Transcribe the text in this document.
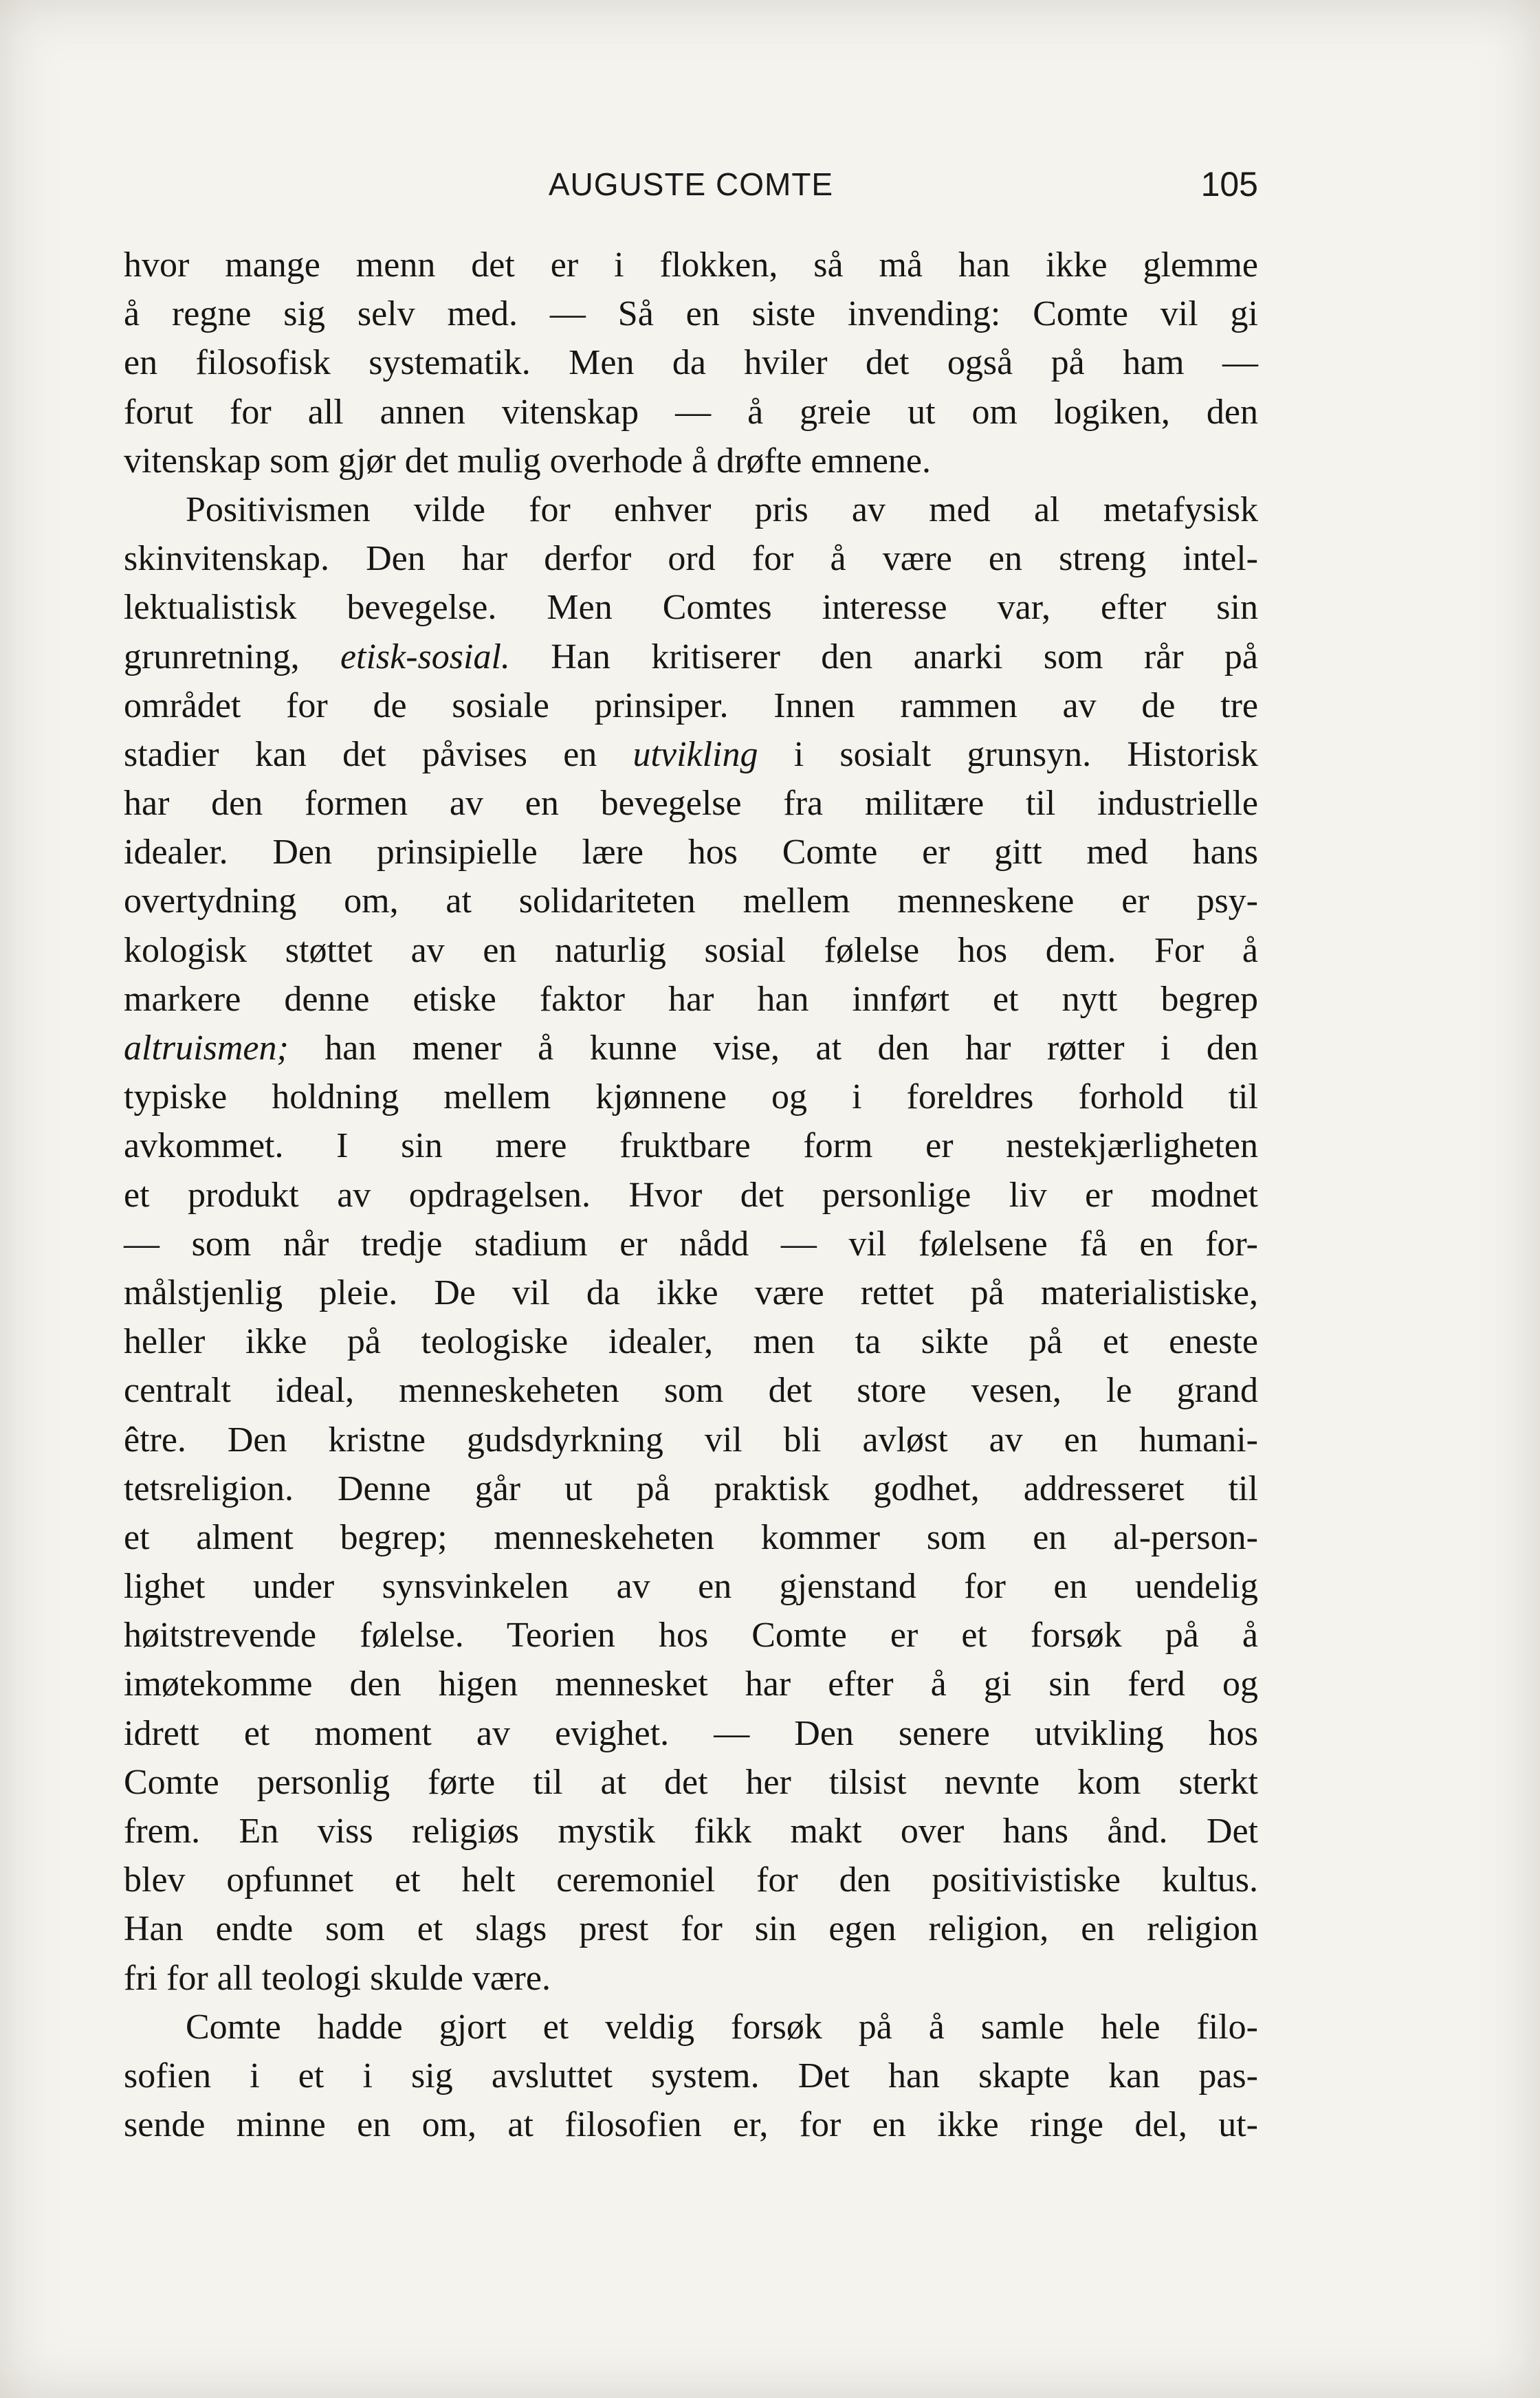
AUGUSTE COMTE	105
hvor mange menn det er i flokken, så må han ikke glemme
å regne sig selv med. — Så en siste invending: Comte vil gi
en filosofisk systematik. Men da hviler det også på ham —
forut for all annen vitenskap — å greie ut om logiken, den
vitenskap som gjør det mulig overhode å drøfte emnene.
Positivismen vilde for enhver pris av med al metafysisk
skinvitenskap. Den har derfor ord for å være en streng intel-
lektualistisk bevegelse. Men Comtes interesse var, efter sin
grunretning, etisk-sosial. Han kritiserer den anarki som rår på
området for de sosiale prinsiper. Innen rammen av de tre
stadier kan det påvises en utvikling i sosialt grunsyn. Historisk
har den formen av en bevegelse fra militære til industrielle
idealer. Den prinsipielle lære hos Comte er gitt med hans
overtydning om, at solidariteten mellem menneskene er psy-
kologisk støttet av en naturlig sosial følelse hos dem. For å
markere denne etiske faktor har han innført et nytt begrep
altruismen; han mener å kunne vise, at den har røtter i den
typiske holdning mellem kjønnene og i foreldres forhold til
avkommet. I sin mere fruktbare form er nestekjærligheten
et produkt av opdragelsen. Hvor det personlige liv er modnet
— som når tredje stadium er nådd — vil følelsene få en for-
målstjenlig pleie. De vil da ikke være rettet på materialistiske,
heller ikke på teologiske idealer, men ta sikte på et eneste
centralt ideal, menneskeheten som det store vesen, le grand
être. Den kristne gudsdyrkning vil bli avløst av en humani-
tetsreligion. Denne går ut på praktisk godhet, addresseret til
et alment begrep; menneskeheten kommer som en al-person-
lighet under synsvinkelen av en gjenstand for en uendelig
høitstrevende følelse. Teorien hos Comte er et forsøk på å
imøtekomme den higen mennesket har efter å gi sin ferd og
idrett et moment av evighet. — Den senere utvikling hos
Comte personlig førte til at det her tilsist nevnte kom sterkt
frem. En viss religiøs mystik fikk makt over hans ånd. Det
blev opfunnet et helt ceremoniel for den positivistiske kultus.
Han endte som et slags prest for sin egen religion, en religion
fri for all teologi skulde være.
Comte hadde gjort et veldig forsøk på å samle hele filo-
sofien i et i sig avsluttet system. Det han skapte kan pas-
sende minne en om, at filosofien er, for en ikke ringe del, ut-
